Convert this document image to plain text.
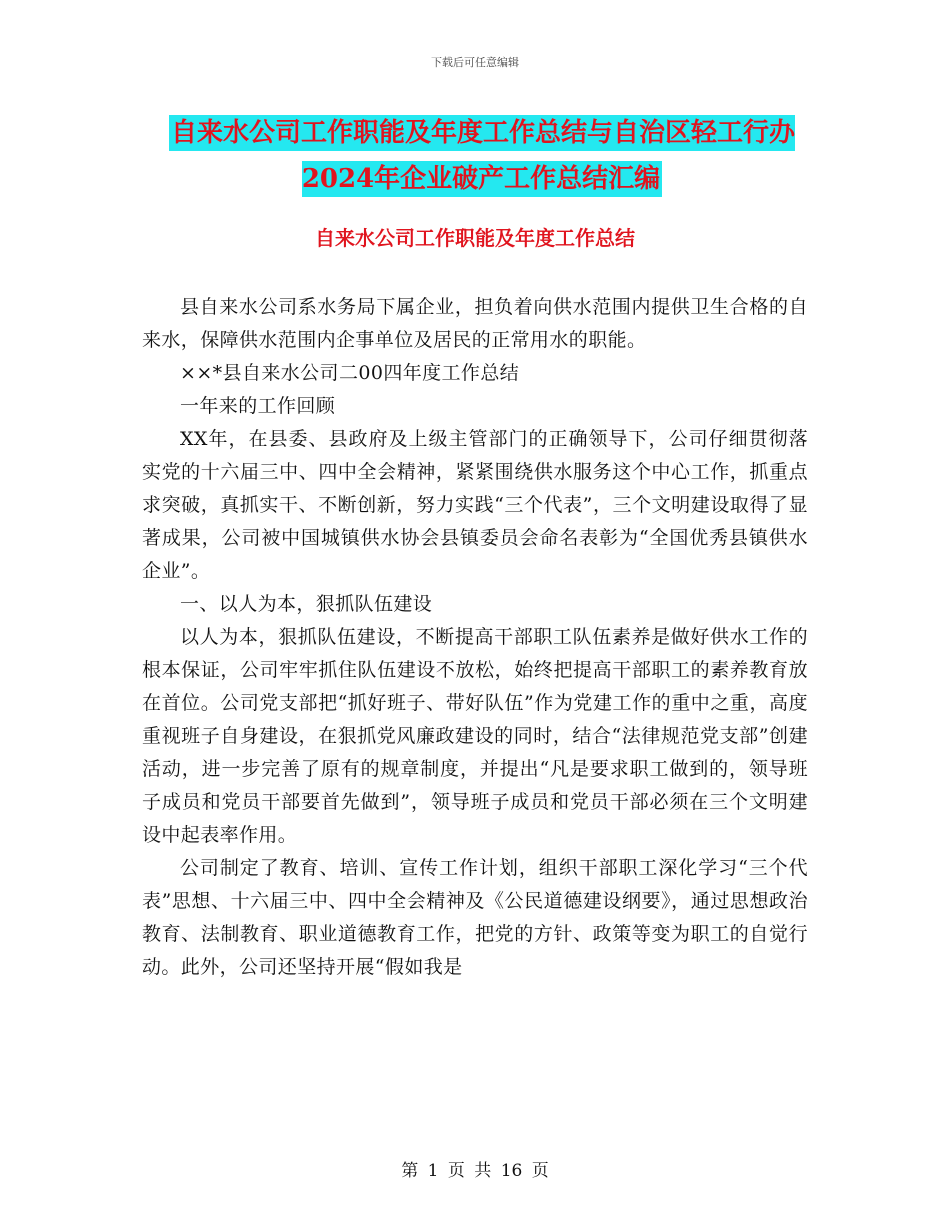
下载后可任意编辑
自来水公司工作职能及年度工作总结与自治区轻工行办2024年企业破产工作总结汇编
自来水公司工作职能及年度工作总结

县自来水公司系水务局下属企业，担负着向供水范围内提供卫生合格的自来水，保障供水范围内企事单位及居民的正常用水的职能。

××*县自来水公司二00四年度工作总结

一年来的工作回顾

XX年，在县委、县政府及上级主管部门的正确领导下，公司仔细贯彻落实党的十六届三中、四中全会精神，紧紧围绕供水服务这个中心工作，抓重点求突破，真抓实干、不断创新，努力实践“三个代表”，三个文明建设取得了显著成果，公司被中国城镇供水协会县镇委员会命名表彰为“全国优秀县镇供水企业”。

一、以人为本，狠抓队伍建设

以人为本，狠抓队伍建设，不断提高干部职工队伍素养是做好供水工作的根本保证，公司牢牢抓住队伍建设不放松，始终把提高干部职工的素养教育放在首位。公司党支部把“抓好班子、带好队伍”作为党建工作的重中之重，高度重视班子自身建设，在狠抓党风廉政建设的同时，结合“法律规范党支部”创建活动，进一步完善了原有的规章制度，并提出“凡是要求职工做到的，领导班子成员和党员干部要首先做到”，领导班子成员和党员干部必须在三个文明建设中起表率作用。

公司制定了教育、培训、宣传工作计划，组织干部职工深化学习“三个代表”思想、十六届三中、四中全会精神及《公民道德建设纲要》，通过思想政治教育、法制教育、职业道德教育工作，把党的方针、政策等变为职工的自觉行动。此外，公司还坚持开展“假如我是

第 1 页 共 16 页
